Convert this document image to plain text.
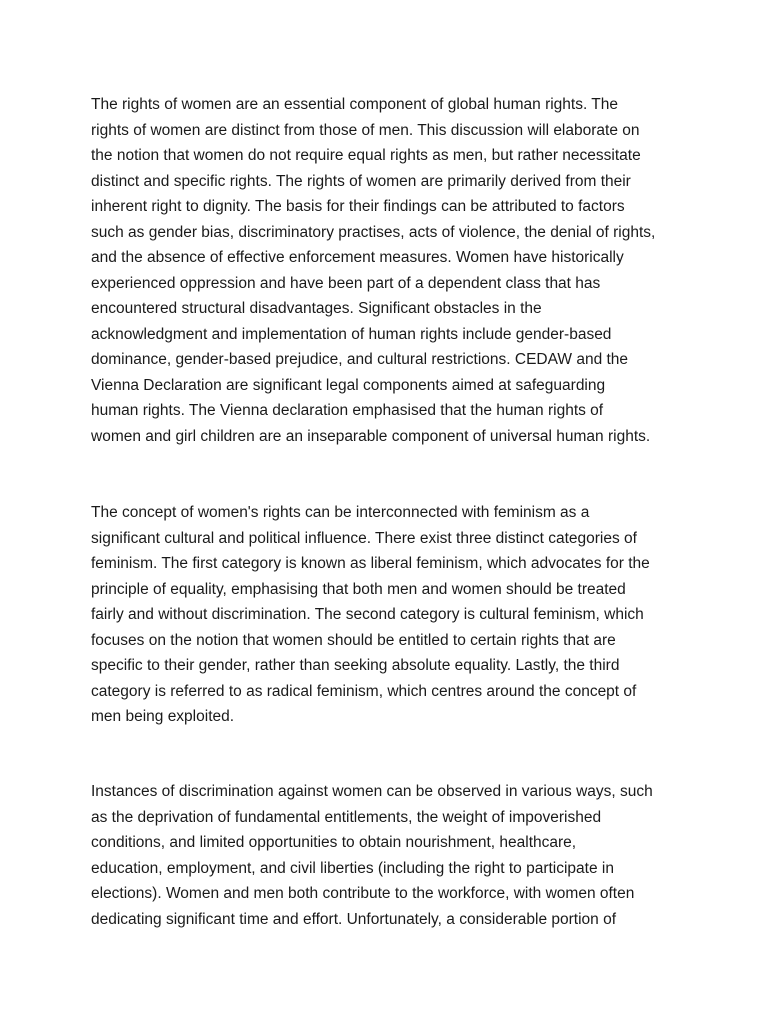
The rights of women are an essential component of global human rights. The
rights of women are distinct from those of men. This discussion will elaborate on
the notion that women do not require equal rights as men, but rather necessitate
distinct and specific rights. The rights of women are primarily derived from their
inherent right to dignity. The basis for their findings can be attributed to factors
such as gender bias, discriminatory practises, acts of violence, the denial of rights,
and the absence of effective enforcement measures. Women have historically
experienced oppression and have been part of a dependent class that has
encountered structural disadvantages. Significant obstacles in the
acknowledgment and implementation of human rights include gender-based
dominance, gender-based prejudice, and cultural restrictions. CEDAW and the
Vienna Declaration are significant legal components aimed at safeguarding
human rights. The Vienna declaration emphasised that the human rights of
women and girl children are an inseparable component of universal human rights.

The concept of women's rights can be interconnected with feminism as a
significant cultural and political influence. There exist three distinct categories of
feminism. The first category is known as liberal feminism, which advocates for the
principle of equality, emphasising that both men and women should be treated
fairly and without discrimination. The second category is cultural feminism, which
focuses on the notion that women should be entitled to certain rights that are
specific to their gender, rather than seeking absolute equality. Lastly, the third
category is referred to as radical feminism, which centres around the concept of
men being exploited.

Instances of discrimination against women can be observed in various ways, such
as the deprivation of fundamental entitlements, the weight of impoverished
conditions, and limited opportunities to obtain nourishment, healthcare,
education, employment, and civil liberties (including the right to participate in
elections). Women and men both contribute to the workforce, with women often
dedicating significant time and effort. Unfortunately, a considerable portion of
